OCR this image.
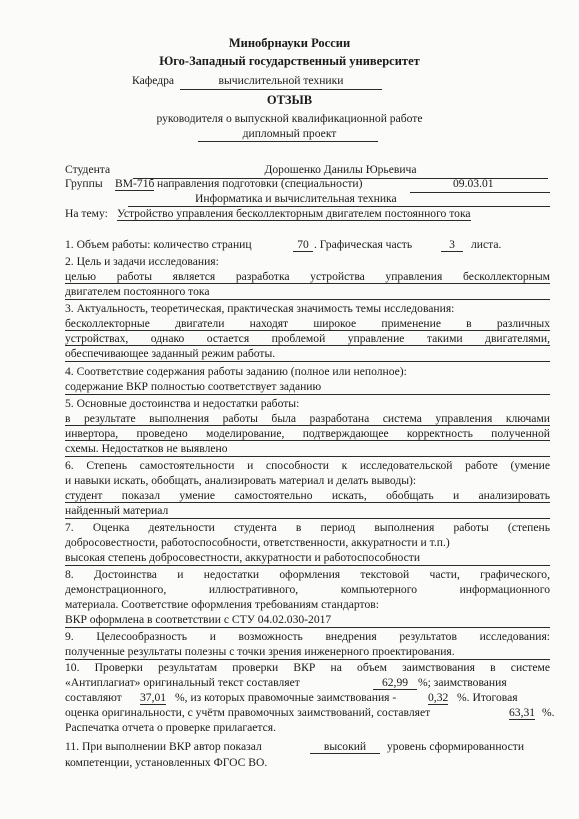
Минобрнауки России
Юго-Западный государственный университет
Кафедра	вычислительной техники
ОТЗЫВ
руководителя о выпускной квалификационной работе
дипломный проект
Студента	Дорошенко Данилы Юрьевича
Группы ВМ-71б направления подготовки (специальности)	09.03.01
Информатика и вычислительная техника
На тему: Устройство управления бесколлекторным двигателем постоянного тока
1. Объем работы: количество страниц	70 . Графическая часть	3	листа.
2. Цель и задачи исследования:
целью работы является разработка устройства управления бесколлекторным
двигателем постоянного тока
3. Актуальность, теоретическая, практическая значимость темы исследования:
бесколлекторные двигатели находят широкое применение в различных
устройствах, однако остается проблемой управление такими двигателями,
обеспечивающее заданный режим работы.
4. Соответствие содержания работы заданию (полное или неполное):
содержание ВКР полностью соответствует заданию
5. Основные достоинства и недостатки работы:
в результате выполнения работы была разработана система управления ключами
инвертора, проведено моделирование, подтверждающее корректность полученной
схемы. Недостатков не выявлено
6. Степень самостоятельности и способности к исследовательской работе (умение
и навыки искать, обобщать, анализировать материал и делать выводы):
студент показал умение самостоятельно искать, обобщать и анализировать
найденный материал
7. Оценка деятельности студента в период выполнения работы (степень
добросовестности, работоспособности, ответственности, аккуратности и т.п.)
высокая степень добросовестности, аккуратности и работоспособности
8. Достоинства и недостатки оформления текстовой части, графического,
демонстрационного, иллюстративного, компьютерного информационного
материала. Соответствие оформления требованиям стандартов:
ВКР оформлена в соответствии с СТУ 04.02.030-2017
9. Целесообразность и возможность внедрения результатов исследования:
полученные результаты полезны с точки зрения инженерного проектирования.
10. Проверки результатам проверки ВКР на объем заимствования в системе
«Антиплагиат» оригинальный текст составляет	62,99 %; заимствования
составляют 37,01 %, из которых правомочные заимствования -	0,32 %. Итоговая
оценка оригинальности, с учётм правомочных заимствований, составляет	63,31 %.
Распечатка отчета о проверке прилагается.
11. При выполнении ВКР автор показал	высокий	уровень сформированности
компетенции, установленных ФГОС ВО.
